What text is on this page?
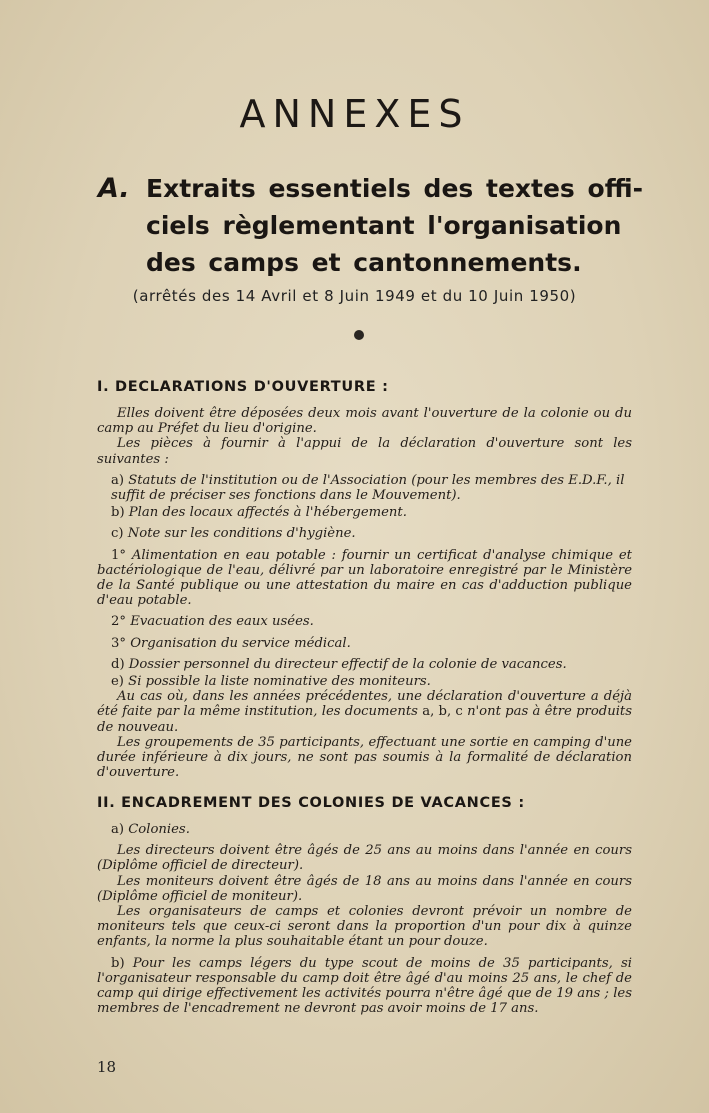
ANNEXES
A. Extraits essentiels des textes offi-
ciels règlementant l'organisation
des camps et cantonnements.
(arrêtés des 14 Avril et 8 Juin 1949 et du 10 Juin 1950)
I. DECLARATIONS D'OUVERTURE :

Elles doivent être déposées deux mois avant l'ouverture de la colonie ou du camp au Préfet du lieu d'origine.

Les pièces à fournir à l'appui de la déclaration d'ouverture sont les suivantes :

a) Statuts de l'institution ou de l'Association (pour les membres des E.D.F., il suffit de préciser ses fonctions dans le Mouvement).

b) Plan des locaux affectés à l'hébergement.

c) Note sur les conditions d'hygiène.

1° Alimentation en eau potable : fournir un certificat d'analyse chimique et bactériologique de l'eau, délivré par un laboratoire enregistré par le Ministère de la Santé publique ou une attestation du maire en cas d'adduction publique d'eau potable.

2° Evacuation des eaux usées.

3° Organisation du service médical.

d) Dossier personnel du directeur effectif de la colonie de vacances.

e) Si possible la liste nominative des moniteurs.

Au cas où, dans les années précédentes, une déclaration d'ouverture a déjà été faite par la même institution, les documents a, b, c n'ont pas à être produits de nouveau.

Les groupements de 35 participants, effectuant une sortie en camping d'une durée inférieure à dix jours, ne sont pas soumis à la formalité de déclaration d'ouverture.

II. ENCADREMENT DES COLONIES DE VACANCES :

a) Colonies.

Les directeurs doivent être âgés de 25 ans au moins dans l'année en cours (Diplôme officiel de directeur).

Les moniteurs doivent être âgés de 18 ans au moins dans l'année en cours (Diplôme officiel de moniteur).

Les organisateurs de camps et colonies devront prévoir un nombre de moniteurs tels que ceux-ci seront dans la proportion d'un pour dix à quinze enfants, la norme la plus souhaitable étant un pour douze.

b) Pour les camps légers du type scout de moins de 35 participants, si l'organisateur responsable du camp doit être âgé d'au moins 25 ans, le chef de camp qui dirige effectivement les activités pourra n'être âgé que de 19 ans ; les membres de l'encadrement ne devront pas avoir moins de 17 ans.

18
